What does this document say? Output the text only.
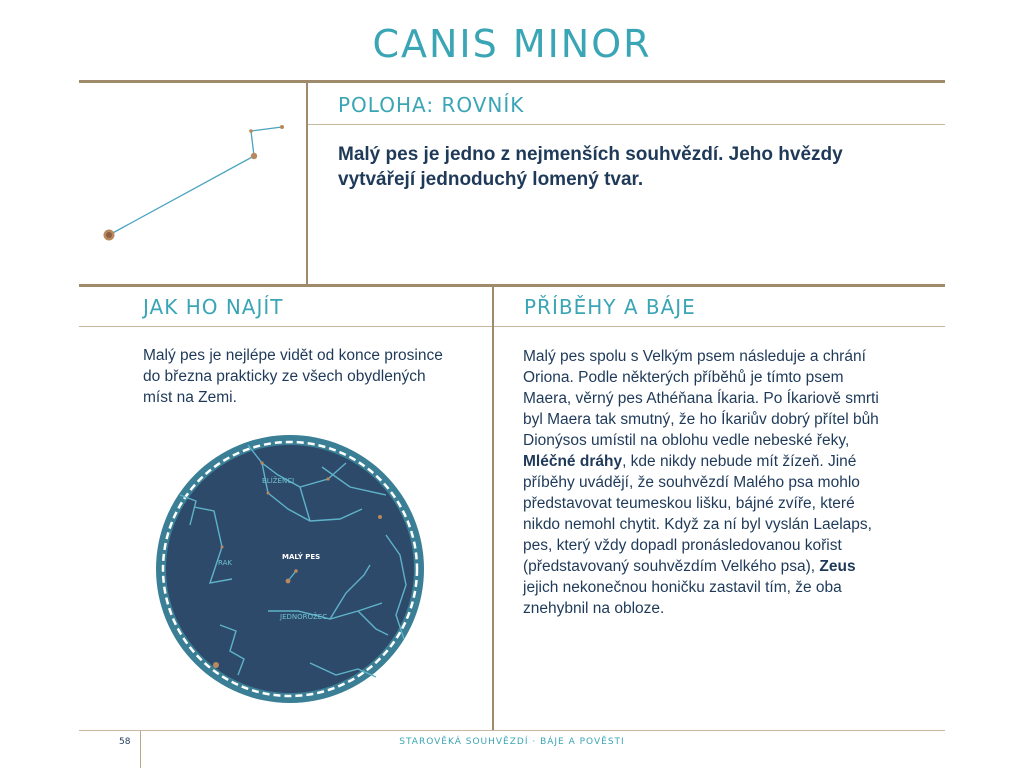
CANIS MINOR
POLOHA: ROVNÍK
Malý pes je jedno z nejmenších souhvězdí. Jeho hvězdy vytvářejí jednoduchý lomený tvar.
JAK HO NAJÍT
Malý pes je nejlépe vidět od konce prosince do března prakticky ze všech obydlených míst na Zemi.
PŘÍBĚHY A BÁJE
Malý pes spolu s Velkým psem následuje a chrání Oriona. Podle některých příběhů je tímto psem Maera, věrný pes Athéňana Íkaria. Po Íkariově smrti byl Maera tak smutný, že ho Íkariův dobrý přítel bůh Dionýsos umístil na oblohu vedle nebeské řeky, Mléčné dráhy, kde nikdy nebude mít žízeň. Jiné příběhy uvádějí, že souhvězdí Malého psa mohlo představovat teumeskou lišku, bájné zvíře, které nikdo nemohl chytit. Když za ní byl vyslán Laelaps, pes, který vždy dopadl pronásledovanou kořist (představovaný souhvězdím Velkého psa), Zeus jejich nekonečnou honičku zastavil tím, že oba znehybnil na obloze.
BLÍŽENCI
RAK
MALÝ PES
JEDNOROŽEC
58	STAROVĚKÁ SOUHVĚZDÍ · BÁJE A POVĚSTI
